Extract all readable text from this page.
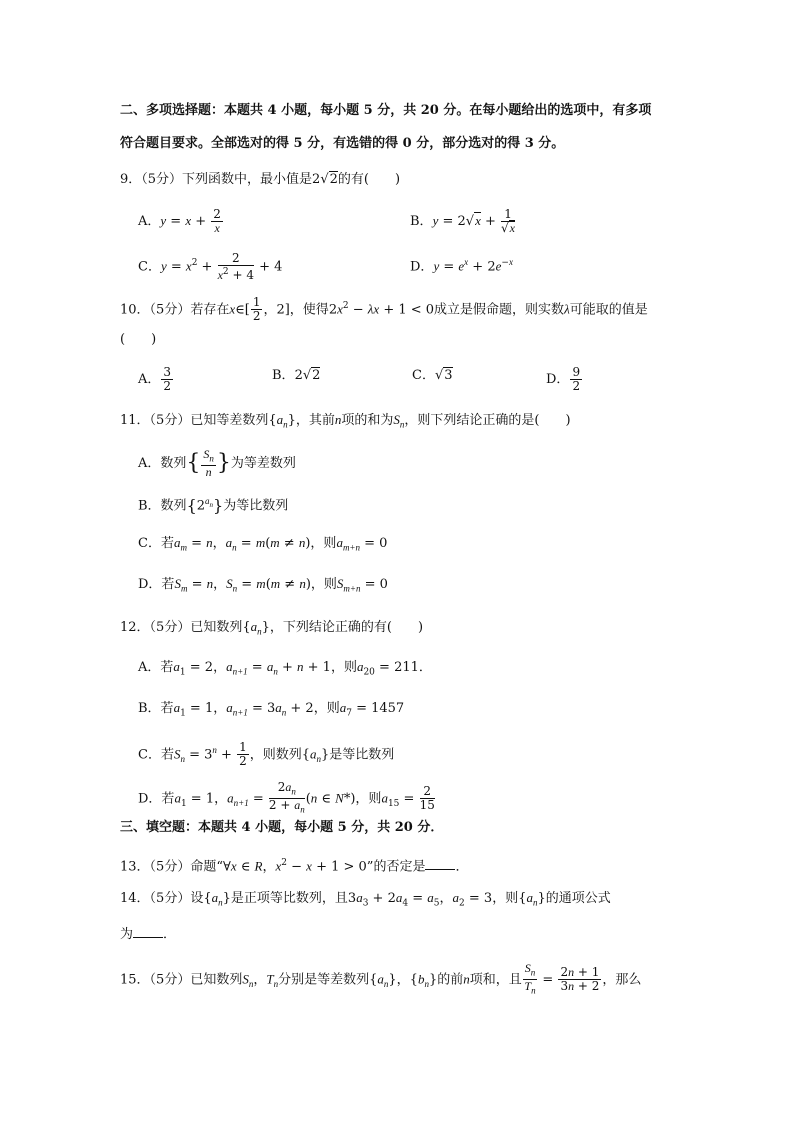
二、多项选择题：本题共 4 小题，每小题 5 分，共 20 分。在每小题给出的选项中，有多项
符合题目要求。全部选对的得 5 分，有选错的得 0 分，部分选对的得 3 分。
9．（5分）下列函数中，最小值是2√2的有(　　)
A．$y = x + \frac{2}{x}$	B．$y = 2√x + \frac{1}{√x}$
C．$y = x^2 + \frac{2}{x^2 + 4} + 4$	D．$y = e^x + 2e^{-x}$
10．（5分）若存在x∈[ $\frac{1}{2}$ ，2]，使得$2x^2 - \lambda x + 1 < 0$成立是假命题，则实数λ可能取的值是
(　　)
A． $\frac{3}{2}$	B．2√2	C．√3	D． $\frac{9}{2}$
11．（5分）已知等差数列$\{a_n\}$，其前n项的和为$S_n$，则下列结论正确的是(　　)
A．数列{ $\frac{S_n}{n}$ }为等差数列
B．数列$\{2^{a_n}\}$为等比数列
C．若$a_m = n$，$a_n = m(m \ne n)$，则$a_{m+n} = 0$
D．若$S_m = n$，$S_n = m(m \ne n)$，则$S_{m+n} = 0$
12．（5分）已知数列$\{a_n\}$，下列结论正确的有(　　)
A．若$a_1 = 2$，$a_{n+1} = a_n + n + 1$，则$a_{20} = 211$．
B．若$a_1 = 1$，$a_{n+1} = 3a_n + 2$，则$a_7 = 1457$
C．若$S_n = 3^n + \frac{1}{2}$ ，则数列$\{a_n\}$是等比数列
D．若$a_1 = 1$，$a_{n+1} = \frac{2a_n}{2 + a_n} (n$ ∈ N*)，则$a_{15} = \frac{2}{15}$
三、填空题：本题共 4 小题，每小题 5 分，共 20 分．
13．（5分）命题“∀x ∈ R，$x^2 - x + 1 > 0$”的否定是 ．
14．（5分）设$\{a_n\}$是正项等比数列，且$3a_3 + 2a_4 = a_5$，$a_2 = 3$，则$\{a_n\}$的通项公式
为 ．
15．（5分）已知数列$S_n$，$T_n$分别是等差数列$\{a_n\}$，$\{b_n\}$的前n项和，且 $\frac{S_n}{T_n} = \frac{2n + 1}{3n + 2}$ ，那么
